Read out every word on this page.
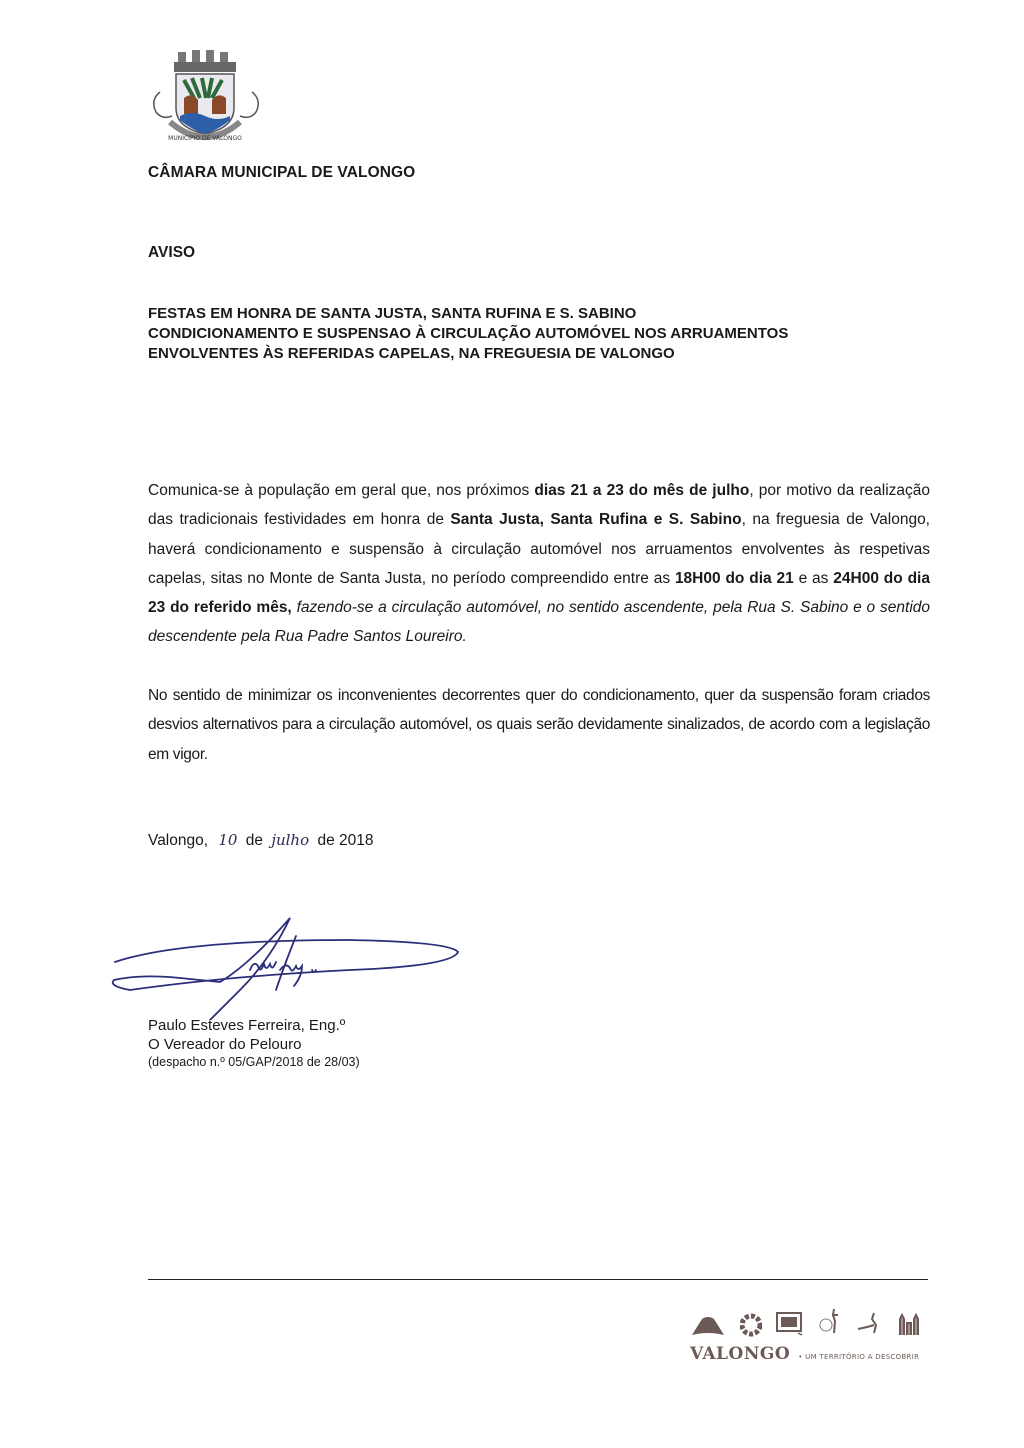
MUNICÍPIO DE VALONGO
CÂMARA MUNICIPAL DE VALONGO
AVISO
FESTAS EM HONRA DE SANTA JUSTA, SANTA RUFINA E S. SABINO
CONDICIONAMENTO E SUSPENSAO À CIRCULAÇÃO AUTOMÓVEL NOS ARRUAMENTOS
ENVOLVENTES ÀS REFERIDAS CAPELAS, NA FREGUESIA DE VALONGO
Comunica-se à população em geral que, nos próximos dias 21 a 23 do mês de julho, por motivo da realização das tradicionais festividades em honra de Santa Justa, Santa Rufina e S. Sabino, na freguesia de Valongo, haverá condicionamento e suspensão à circulação automóvel nos arruamentos envolventes às respetivas capelas, sitas no Monte de Santa Justa, no período compreendido entre as 18H00 do dia 21 e as 24H00 do dia 23 do referido mês, fazendo-se a circulação automóvel, no sentido ascendente, pela Rua S. Sabino e o sentido descendente pela Rua Padre Santos Loureiro.
No sentido de minimizar os inconvenientes decorrentes quer do condicionamento, quer da suspensão foram criados desvios alternativos para a circulação automóvel, os quais serão devidamente sinalizados, de acordo com a legislação em vigor.
Valongo, 10 de julho de 2018
Paulo Esteves Ferreira, Eng.º
O Vereador do Pelouro
(despacho n.º 05/GAP/2018 de 28/03)
VALONGO • UM TERRITÓRIO A DESCOBRIR
